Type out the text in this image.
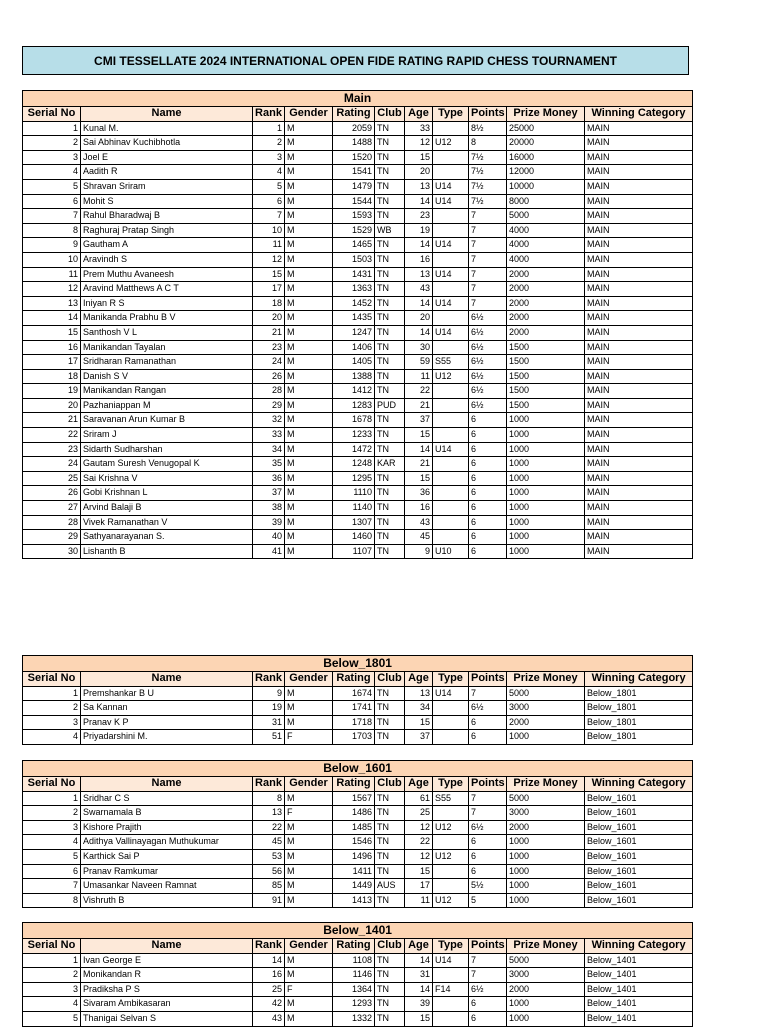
CMI TESSELLATE 2024 INTERNATIONAL OPEN FIDE RATING RAPID CHESS TOURNAMENT
Main										
Serial No	Name	Rank	Gender	Rating	Club	Age	Type	Points	Prize Money	Winning Category
1	Kunal M.	1	M	2059	TN	33		8½	25000	MAIN
2	Sai Abhinav Kuchibhotla	2	M	1488	TN	12	U12	8	20000	MAIN
3	Joel E	3	M	1520	TN	15		7½	16000	MAIN
4	Aadith R	4	M	1541	TN	20		7½	12000	MAIN
5	Shravan Sriram	5	M	1479	TN	13	U14	7½	10000	MAIN
6	Mohit S	6	M	1544	TN	14	U14	7½	8000	MAIN
7	Rahul Bharadwaj B	7	M	1593	TN	23		7	5000	MAIN
8	Raghuraj Pratap Singh	10	M	1529	WB	19		7	4000	MAIN
9	Gautham A	11	M	1465	TN	14	U14	7	4000	MAIN
10	Aravindh S	12	M	1503	TN	16		7	4000	MAIN
11	Prem Muthu Avaneesh	15	M	1431	TN	13	U14	7	2000	MAIN
12	Aravind Matthews A C T	17	M	1363	TN	43		7	2000	MAIN
13	Iniyan R S	18	M	1452	TN	14	U14	7	2000	MAIN
14	Manikanda Prabhu B V	20	M	1435	TN	20		6½	2000	MAIN
15	Santhosh V L	21	M	1247	TN	14	U14	6½	2000	MAIN
16	Manikandan Tayalan	23	M	1406	TN	30		6½	1500	MAIN
17	Sridharan Ramanathan	24	M	1405	TN	59	S55	6½	1500	MAIN
18	Danish S V	26	M	1388	TN	11	U12	6½	1500	MAIN
19	Manikandan Rangan	28	M	1412	TN	22		6½	1500	MAIN
20	Pazhaniappan M	29	M	1283	PUD	21		6½	1500	MAIN
21	Saravanan Arun Kumar B	32	M	1678	TN	37		6	1000	MAIN
22	Sriram J	33	M	1233	TN	15		6	1000	MAIN
23	Sidarth Sudharshan	34	M	1472	TN	14	U14	6	1000	MAIN
24	Gautam Suresh Venugopal K	35	M	1248	KAR	21		6	1000	MAIN
25	Sai Krishna V	36	M	1295	TN	15		6	1000	MAIN
26	Gobi Krishnan L	37	M	1110	TN	36		6	1000	MAIN
27	Arvind Balaji B	38	M	1140	TN	16		6	1000	MAIN
28	Vivek Ramanathan V	39	M	1307	TN	43		6	1000	MAIN
29	Sathyanarayanan S.	40	M	1460	TN	45		6	1000	MAIN
30	Lishanth B	41	M	1107	TN	9	U10	6	1000	MAIN
Below_1801										
Serial No	Name	Rank	Gender	Rating	Club	Age	Type	Points	Prize Money	Winning Category
1	Premshankar B U	9	M	1674	TN	13	U14	7	5000	Below_1801
2	Sa Kannan	19	M	1741	TN	34		6½	3000	Below_1801
3	Pranav K P	31	M	1718	TN	15		6	2000	Below_1801
4	Priyadarshini M.	51	F	1703	TN	37		6	1000	Below_1801
Below_1601										
Serial No	Name	Rank	Gender	Rating	Club	Age	Type	Points	Prize Money	Winning Category
1	Sridhar C S	8	M	1567	TN	61	S55	7	5000	Below_1601
2	Swarnamala B	13	F	1486	TN	25		7	3000	Below_1601
3	Kishore Prajith	22	M	1485	TN	12	U12	6½	2000	Below_1601
4	Adithya Vallinayagan Muthukumar	45	M	1546	TN	22		6	1000	Below_1601
5	Karthick Sai P	53	M	1496	TN	12	U12	6	1000	Below_1601
6	Pranav Ramkumar	56	M	1411	TN	15		6	1000	Below_1601
7	Umasankar Naveen Ramnat	85	M	1449	AUS	17		5½	1000	Below_1601
8	Vishruth B	91	M	1413	TN	11	U12	5	1000	Below_1601
Below_1401										
Serial No	Name	Rank	Gender	Rating	Club	Age	Type	Points	Prize Money	Winning Category
1	Ivan George E	14	M	1108	TN	14	U14	7	5000	Below_1401
2	Monikandan R	16	M	1146	TN	31		7	3000	Below_1401
3	Pradiksha P S	25	F	1364	TN	14	F14	6½	2000	Below_1401
4	Sivaram Ambikasaran	42	M	1293	TN	39		6	1000	Below_1401
5	Thanigai Selvan S	43	M	1332	TN	15		6	1000	Below_1401
